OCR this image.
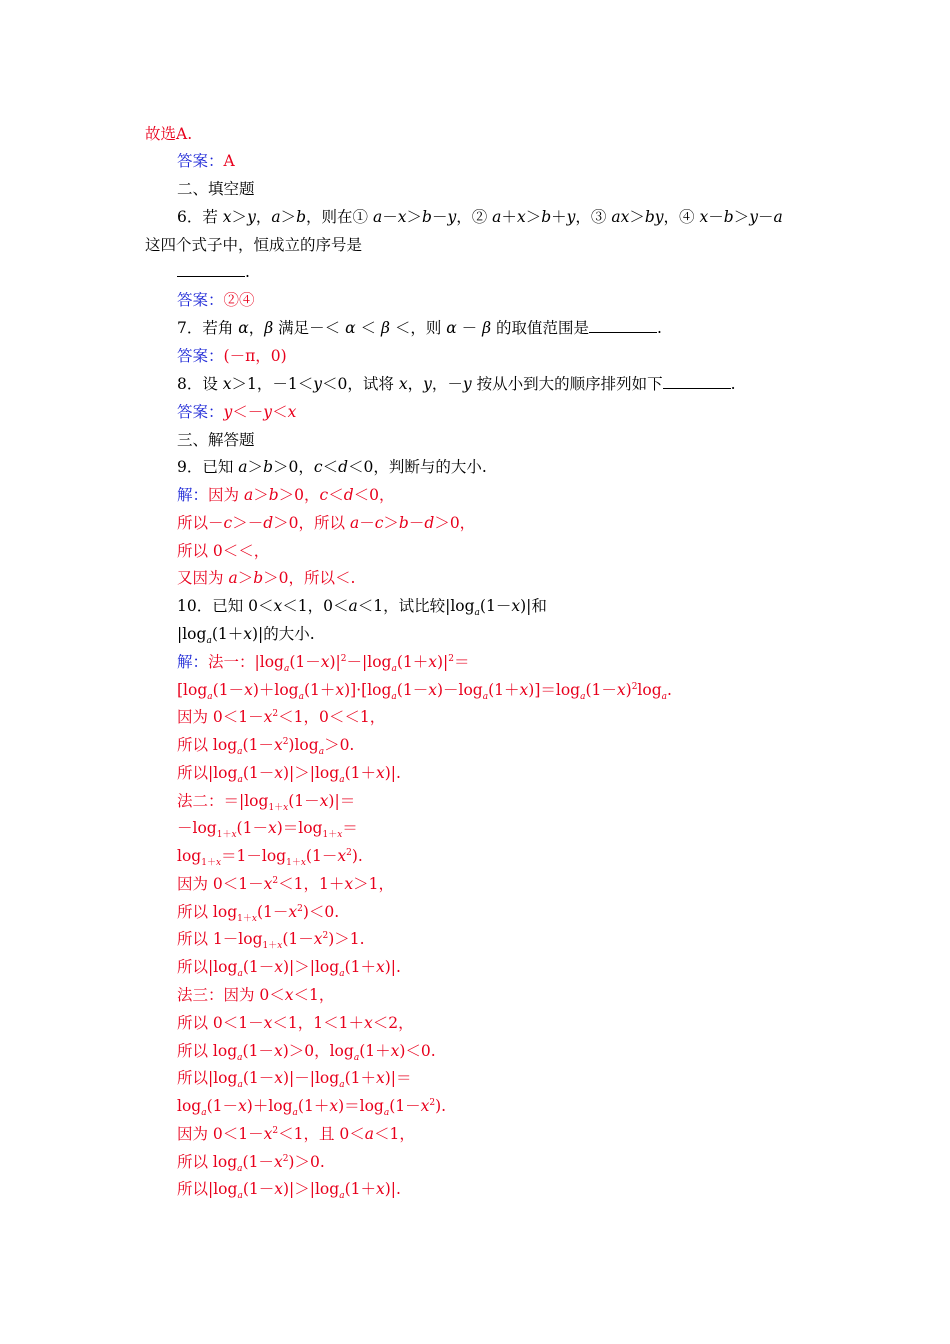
故选A.
答案：A
二、填空题
6．若 x＞y，a＞b，则在① a－x＞b－y，② a＋x＞b＋y，③ ax＞by，④ x－b＞y－a
这四个式子中，恒成立的序号是
.
答案：②④
7．若角 α，β 满足－＜ α ＜ β ＜，则 α － β 的取值范围是	.
答案：(－π，0)
8．设 x＞1，－1＜y＜0，试将 x，y，－y 按从小到大的顺序排列如下	.
答案：y＜－y＜x
三、解答题
9．已知 a＞b＞0，c＜d＜0，判断与的大小.
解：因为 a＞b＞0，c＜d＜0，
所以－c＞－d＞0，所以 a－c＞b－d＞0，
所以 0＜＜，
又因为 a＞b＞0，所以＜.
10．已知 0＜x＜1，0＜a＜1，试比较$|\log_a(1-x)|$和
$|\log_a(1+x)|$的大小.
解：法一：$|\log_a(1-x)|^2-|\log_a(1+x)|^2=$
$[\log_a(1-x)+\log_a(1+x)]\cdot[\log_a(1-x)-\log_a(1+x)]=\log_a(1-x)^2\log_a$.
因为 $0<1-x^2<1$，0＜＜1，
所以 $\log_a(1-x^2)\log_a>0$.
所以$|\log_a(1-x)|>|\log_a(1+x)|$.
法二：$=|\log_{1+x}(1-x)|=$
$-\log_{1+x}(1-x)=\log_{1+x}=$
$\log_{1+x}=1-\log_{1+x}(1-x^2)$.
因为 $0<1-x^2<1$，1＋x＞1，
所以 $\log_{1+x}(1-x^2)<0$.
所以 $1-\log_{1+x}(1-x^2)>1$.
所以$|\log_a(1-x)|>|\log_a(1+x)|$.
法三：因为 0＜x＜1，
所以 0＜1－x＜1，1＜1＋x＜2，
所以 $\log_a(1-x)>0$，$\log_a(1+x)<0$.
所以$|\log_a(1-x)|-|\log_a(1+x)|=$
$\log_a(1-x)+\log_a(1+x)=\log_a(1-x^2)$.
因为 $0<1-x^2<1$，且 0＜a＜1，
所以 $\log_a(1-x^2)>0$.
所以$|\log_a(1-x)|>|\log_a(1+x)|$.
